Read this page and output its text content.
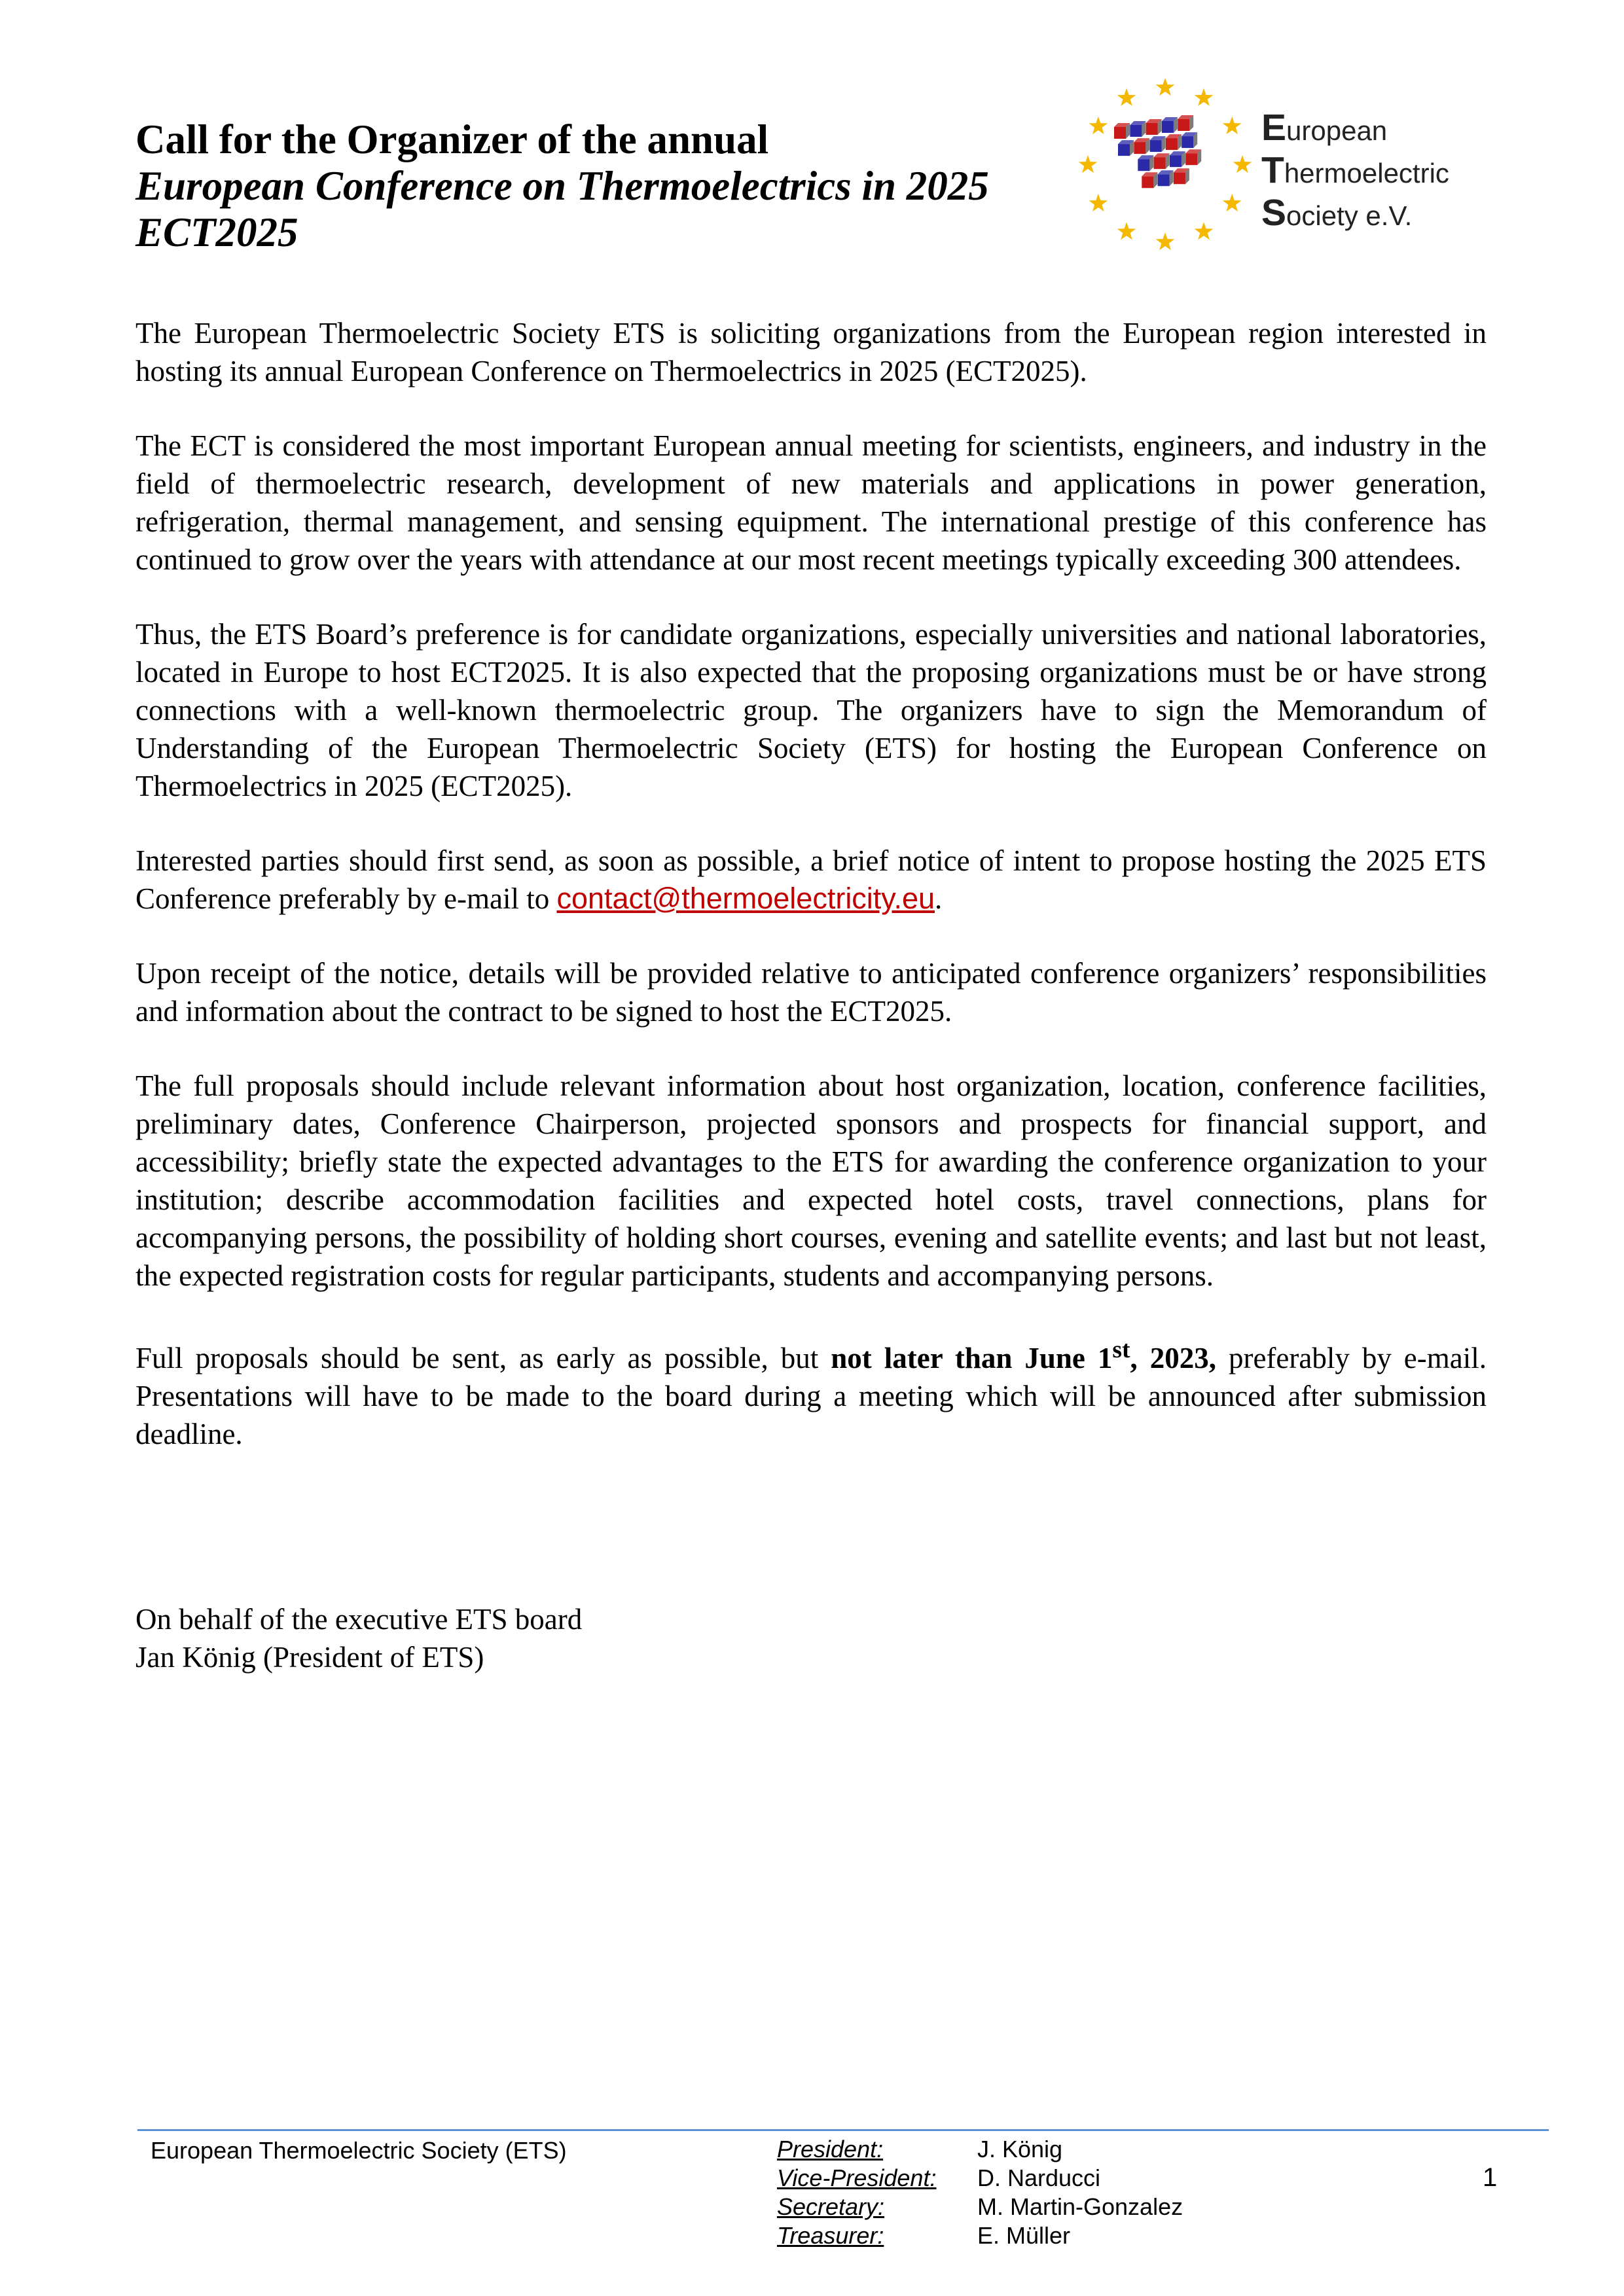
Call for the Organizer of the annual
European Conference on Thermoelectrics in 2025
ECT2025
European
Thermoelectric
Society e.V.

The European Thermoelectric Society ETS is soliciting organizations from the European region interested in hosting its annual European Conference on Thermoelectrics in 2025 (ECT2025).

The ECT is considered the most important European annual meeting for scientists, engineers, and industry in the field of thermoelectric research, development of new materials and applications in power generation, refrigeration, thermal management, and sensing equipment. The international prestige of this conference has continued to grow over the years with attendance at our most recent meetings typically exceeding 300 attendees.

Thus, the ETS Board’s preference is for candidate organizations, especially universities and national laboratories, located in Europe to host ECT2025. It is also expected that the proposing organizations must be or have strong connections with a well-known thermoelectric group. The organizers have to sign the Memorandum of Understanding of the European Thermoelectric Society (ETS) for hosting the European Conference on Thermoelectrics in 2025 (ECT2025).

Interested parties should first send, as soon as possible, a brief notice of intent to propose hosting the 2025 ETS Conference preferably by e-mail to contact@thermoelectricity.eu.

Upon receipt of the notice, details will be provided relative to anticipated conference organizers’ responsibilities and information about the contract to be signed to host the ECT2025.

The full proposals should include relevant information about host organization, location, conference facilities, preliminary dates, Conference Chairperson, projected sponsors and prospects for financial support, and accessibility; briefly state the expected advantages to the ETS for awarding the conference organization to your institution; describe accommodation facilities and expected hotel costs, travel connections, plans for accompanying persons, the possibility of holding short courses, evening and satellite events; and last but not least, the expected registration costs for regular participants, students and accompanying persons.

Full proposals should be sent, as early as possible, but not later than June 1st, 2023, preferably by e-mail. Presentations will have to be made to the board during a meeting which will be announced after submission deadline.

On behalf of the executive ETS board
Jan König (President of ETS)
European Thermoelectric Society (ETS)	President:
Vice-President:
Secretary:
Treasurer:
J. König
D. Narducci
M. Martin-Gonzalez
E. Müller
1
